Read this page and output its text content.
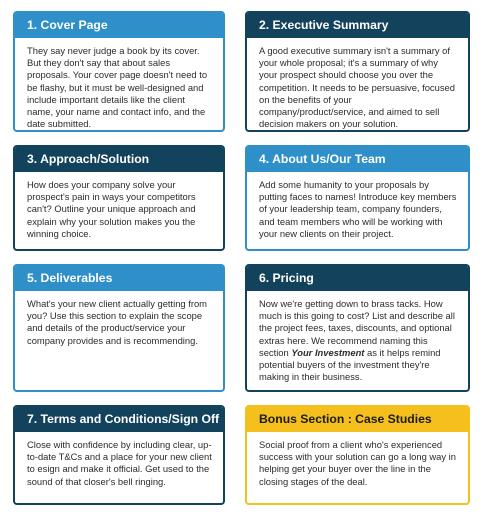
1. Cover Page
They say never judge a book by its cover. But they don't say that about sales proposals. Your cover page doesn't need to be flashy, but it must be well-designed and include important details like the client name, your name and contact info, and the date submitted.
2. Executive Summary
A good executive summary isn't a summary of your whole proposal; it's a summary of why your prospect should choose you over the competition. It needs to be persuasive, focused on the benefits of your company/product/service, and aimed to sell decision makers on your solution.
3. Approach/Solution
How does your company solve your prospect's pain in ways your competitors can't? Outline your unique approach and explain why your solution makes you the winning choice.
4. About Us/Our Team
Add some humanity to your proposals by putting faces to names! Introduce key members of your leadership team, company founders, and team members who will be working with your new clients on their project.
5. Deliverables
What's your new client actually getting from you? Use this section to explain the scope and details of the product/service your company provides and is recommending.
6. Pricing
Now we're getting down to brass tacks. How much is this going to cost? List and describe all the project fees, taxes, discounts, and optional extras here. We recommend naming this section Your Investment as it helps remind potential buyers of the investment they're making in their business.
7. Terms and Conditions/Sign Off
Close with confidence by including clear, up-to-date T&Cs and a place for your new client to esign and make it official. Get used to the sound of that closer's bell ringing.
Bonus Section : Case Studies
Social proof from a client who's experienced success with your solution can go a long way in helping get your buyer over the line in the closing stages of the deal.
